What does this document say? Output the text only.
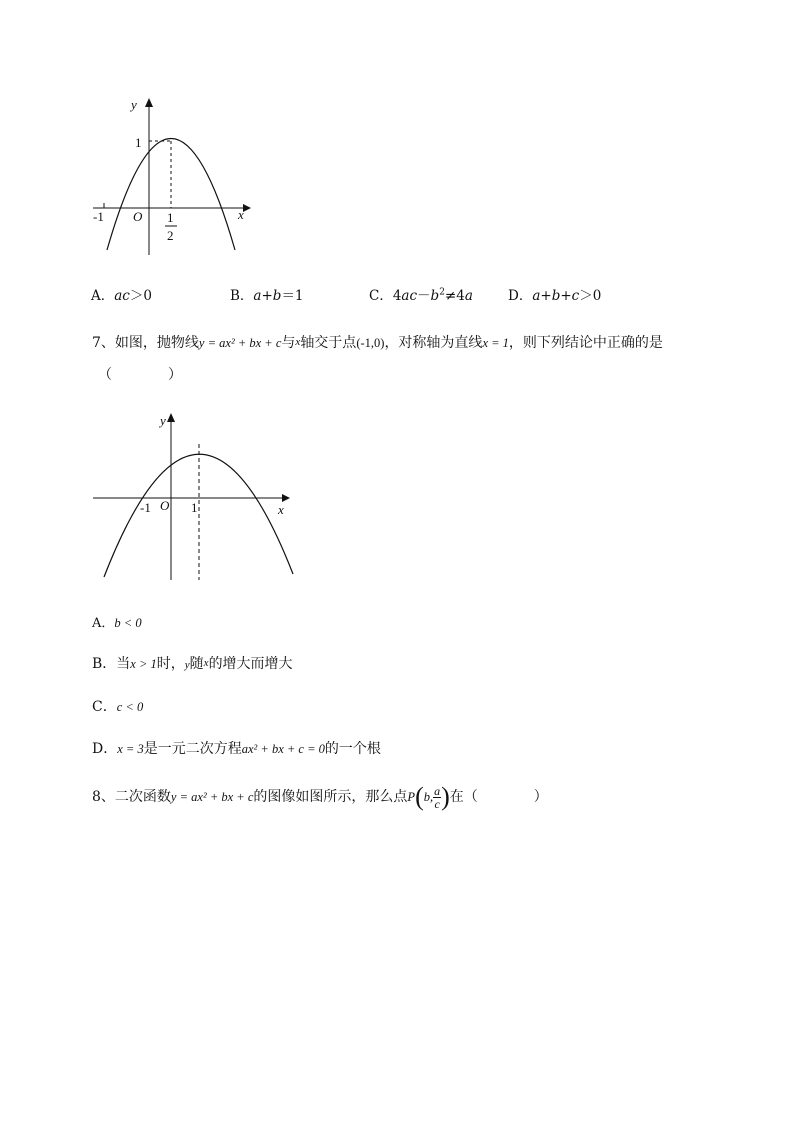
y
x
1
-1 O 1
2
A．ac＞0	B．a+b＝1	C．$4ac-b^2\ne 4a$	D．a+b+c＞0
7、如图，抛物线y = ax² + bx + c与x轴交于点(-1,0)，对称轴为直线x = 1，则下列结论中正确的是
（　　　　）
y
x
-1 O 1
A．b < 0
B．当x > 1时，y随x的增大而增大
C．c < 0
D．x = 3是一元二次方程ax² + bx + c = 0的一个根
8、二次函数y = ax² + bx + c的图像如图所示，那么点P(b, $\frac{a}{c}$ )在（　　　　）
